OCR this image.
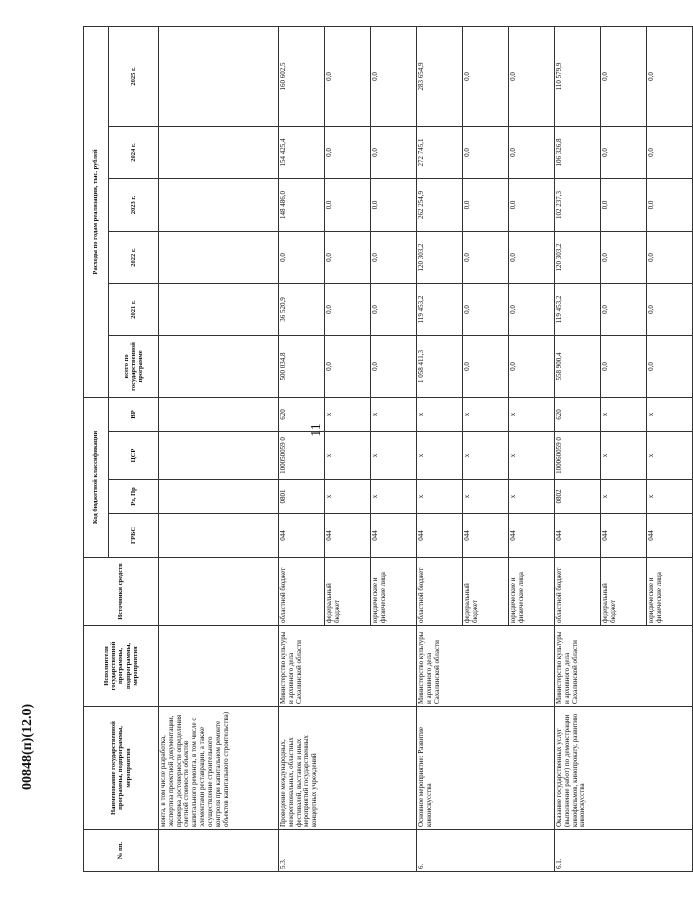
11
00848(п)(12.0)
№ пп.	Наименование государственной программы, подпрограммы, мероприятия	Исполнители государственной программы, подпрограммы, мероприятия	Источники средств	Код бюджетной классификации				Расходы по годам реализации, тыс. рублей					
				ГРБС	Рз, Пр	ЦСР	ВР	всего по государственной программе	2021 г.	2022 г.	2023 г.	2024 г.	2025 г.
	монта, в том числе разработка, экспертиза проектной документации, проверка достоверности определения сметной стоимости объектов капитального ремонта, в том числе с элементами реставрации, а также осуществление строительного контроля при капитальном ремонте объектов капитального строительства)												
5.3.	Проведение международных, межрегиональных, областных фестивалей, выставок и иных мероприятий государственных концертных учреждений	Министерство культуры и архивного дела Сахалинской области	областной бюджет	044	0801	100050059 0	620	500 034,8	36 520,9	0,0	148 486,0	154 425,4	160 602,5
			федеральный бюджет	044	x	x	x	0,0	0,0	0,0	0,0	0,0	0,0
			юридические и физические лица	044	x	x	x	0,0	0,0	0,0	0,0	0,0	0,0
6.	Основное мероприятие: Развитие кинoискусства	Министерство культуры и архивного дела Сахалинской области	областной бюджет	044	x	x	x	1 058 411,3	119 453,2	120 303,2	262 254,9	272 745,1	283 654,9
			федеральный бюджет	044	x	x	x	0,0	0,0	0,0	0,0	0,0	0,0
			юридические и физические лица	044	x	x	x	0,0	0,0	0,0	0,0	0,0	0,0
6.1.	Оказание государственных услуг (выполнение работ) по демонстрации кинофильмов, кинопрокату, развитию киноискусства	Министерство культуры и архивного дела Сахалинской области	областной бюджет	044	0802	100060059 0	620	558 900,4	119 453,2	120 303,2	102 237,3	106 326,8	110 579,9
			федеральный бюджет	044	x	x	x	0,0	0,0	0,0	0,0	0,0	0,0
			юридические и физические лица	044	x	x	x	0,0	0,0	0,0	0,0	0,0	0,0
